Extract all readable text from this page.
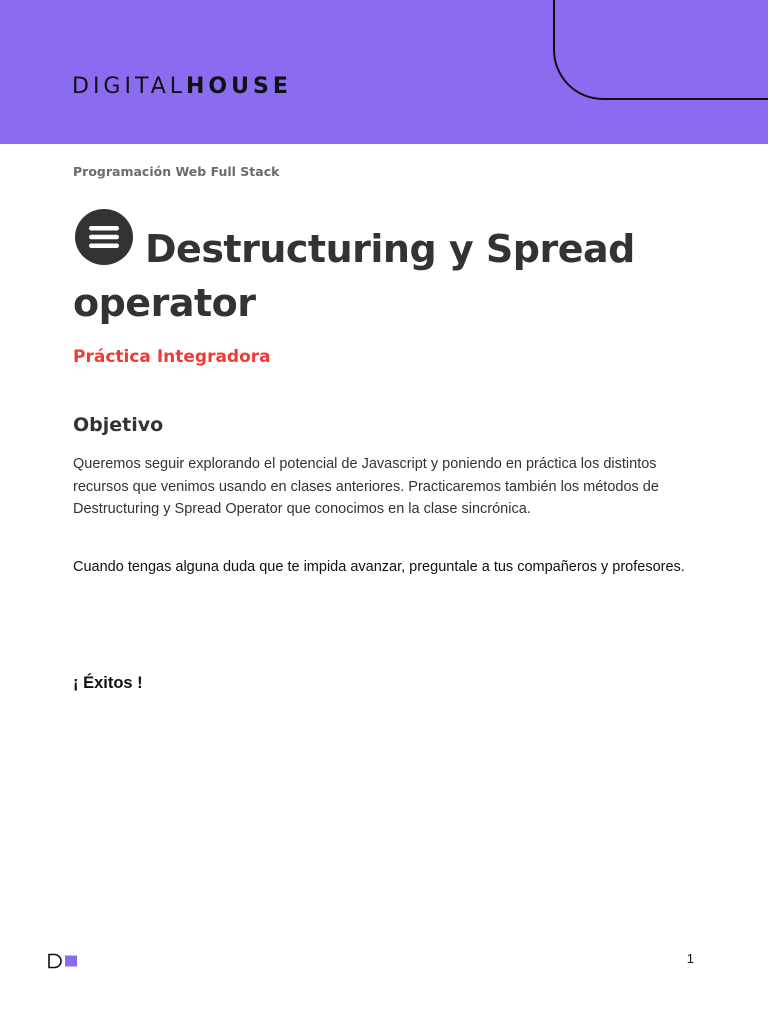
DIGITALHOUSE
Programación Web Full Stack
Destructuring y Spread operator
Práctica Integradora
Objetivo

Queremos seguir explorando el potencial de Javascript y poniendo en práctica los distintos recursos que venimos usando en clases anteriores. Practicaremos también los métodos de Destructuring y Spread Operator que conocimos en la clase sincrónica.

Cuando tengas alguna duda que te impida avanzar, preguntale a tus compañeros y profesores.

¡ Éxitos !
1
